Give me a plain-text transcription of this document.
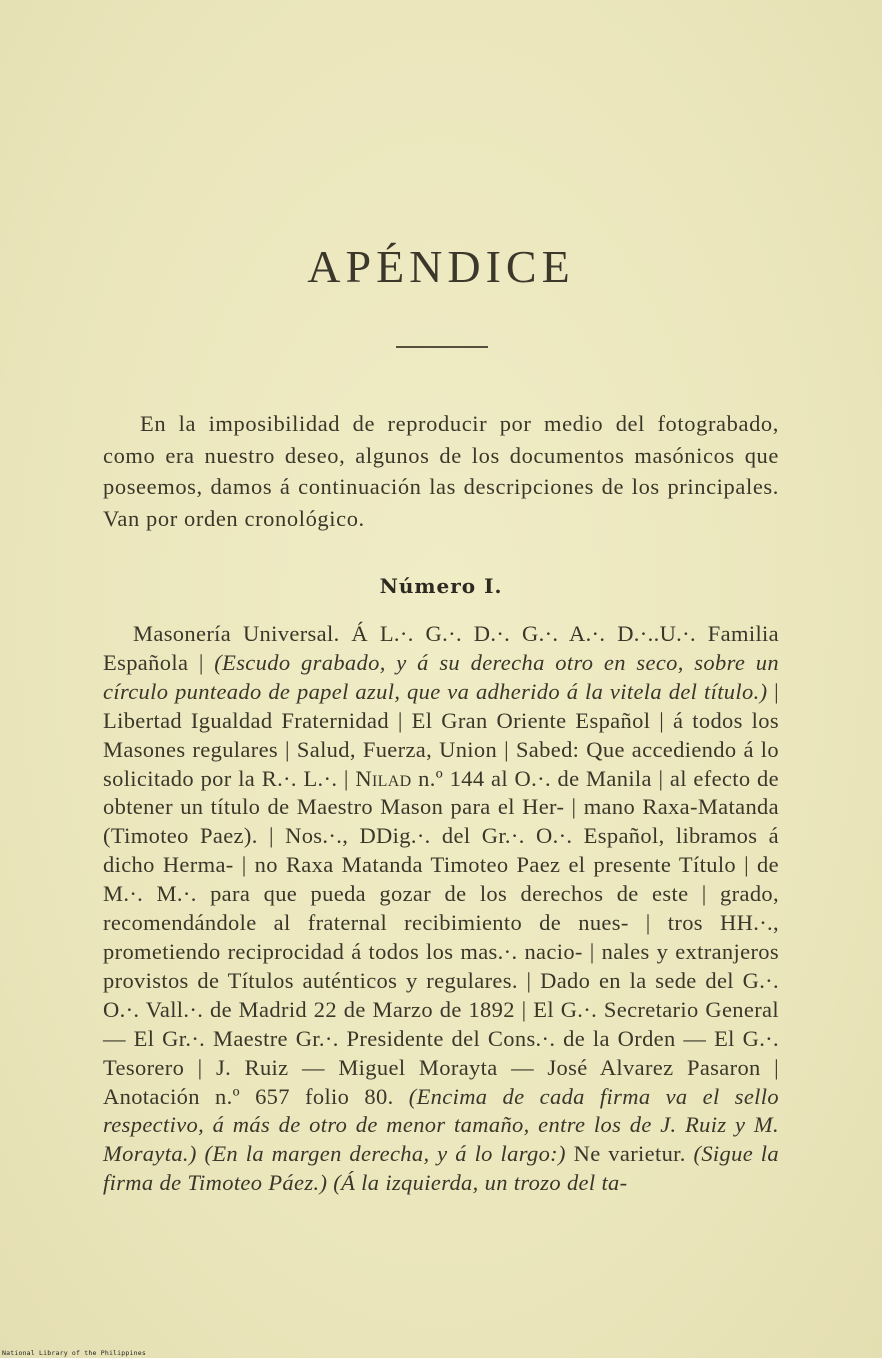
APÉNDICE

En la imposibilidad de reproducir por medio del fotograbado, como era nuestro deseo, algunos de los documentos masónicos que poseemos, damos á continuación las descripciones de los principales. Van por orden cronológico.

Número I.

Masonería Universal. Á L.·. G.·. D.·. G.·. A.·. D.·..U.·. Familia Española | (Escudo grabado, y á su derecha otro en seco, sobre un círculo punteado de papel azul, que va adherido á la vitela del título.) | Libertad Igualdad Fraternidad | El Gran Oriente Español | á todos los Masones regulares | Salud, Fuerza, Union | Sabed: Que accediendo á lo solicitado por la R.·. L.·. | Nilad n.º 144 al O.·. de Manila | al efecto de obtener un título de Maestro Mason para el Her- | mano Raxa-Matanda (Timoteo Paez). | Nos.·., DDig.·. del Gr.·. O.·. Español, libramos á dicho Herma- | no Raxa Matanda Timoteo Paez el presente Título | de M.·. M.·. para que pueda gozar de los derechos de este | grado, recomendándole al fraternal recibimiento de nues- | tros HH.·., prometiendo reciprocidad á todos los mas.·. nacio- | nales y extranjeros provistos de Títulos auténticos y regulares. | Dado en la sede del G.·. O.·. Vall.·. de Madrid 22 de Marzo de 1892 | El G.·. Secretario General — El Gr.·. Maestre Gr.·. Presidente del Cons.·. de la Orden — El G.·. Tesorero | J. Ruiz — Miguel Morayta — José Alvarez Pasaron | Anotación n.º 657 folio 80. (Encima de cada firma va el sello respectivo, á más de otro de menor tamaño, entre los de J. Ruiz y M. Morayta.) (En la margen derecha, y á lo largo:) Ne varietur. (Sigue la firma de Timoteo Páez.) (Á la izquierda, un trozo del ta-

National Library of the Philippines
